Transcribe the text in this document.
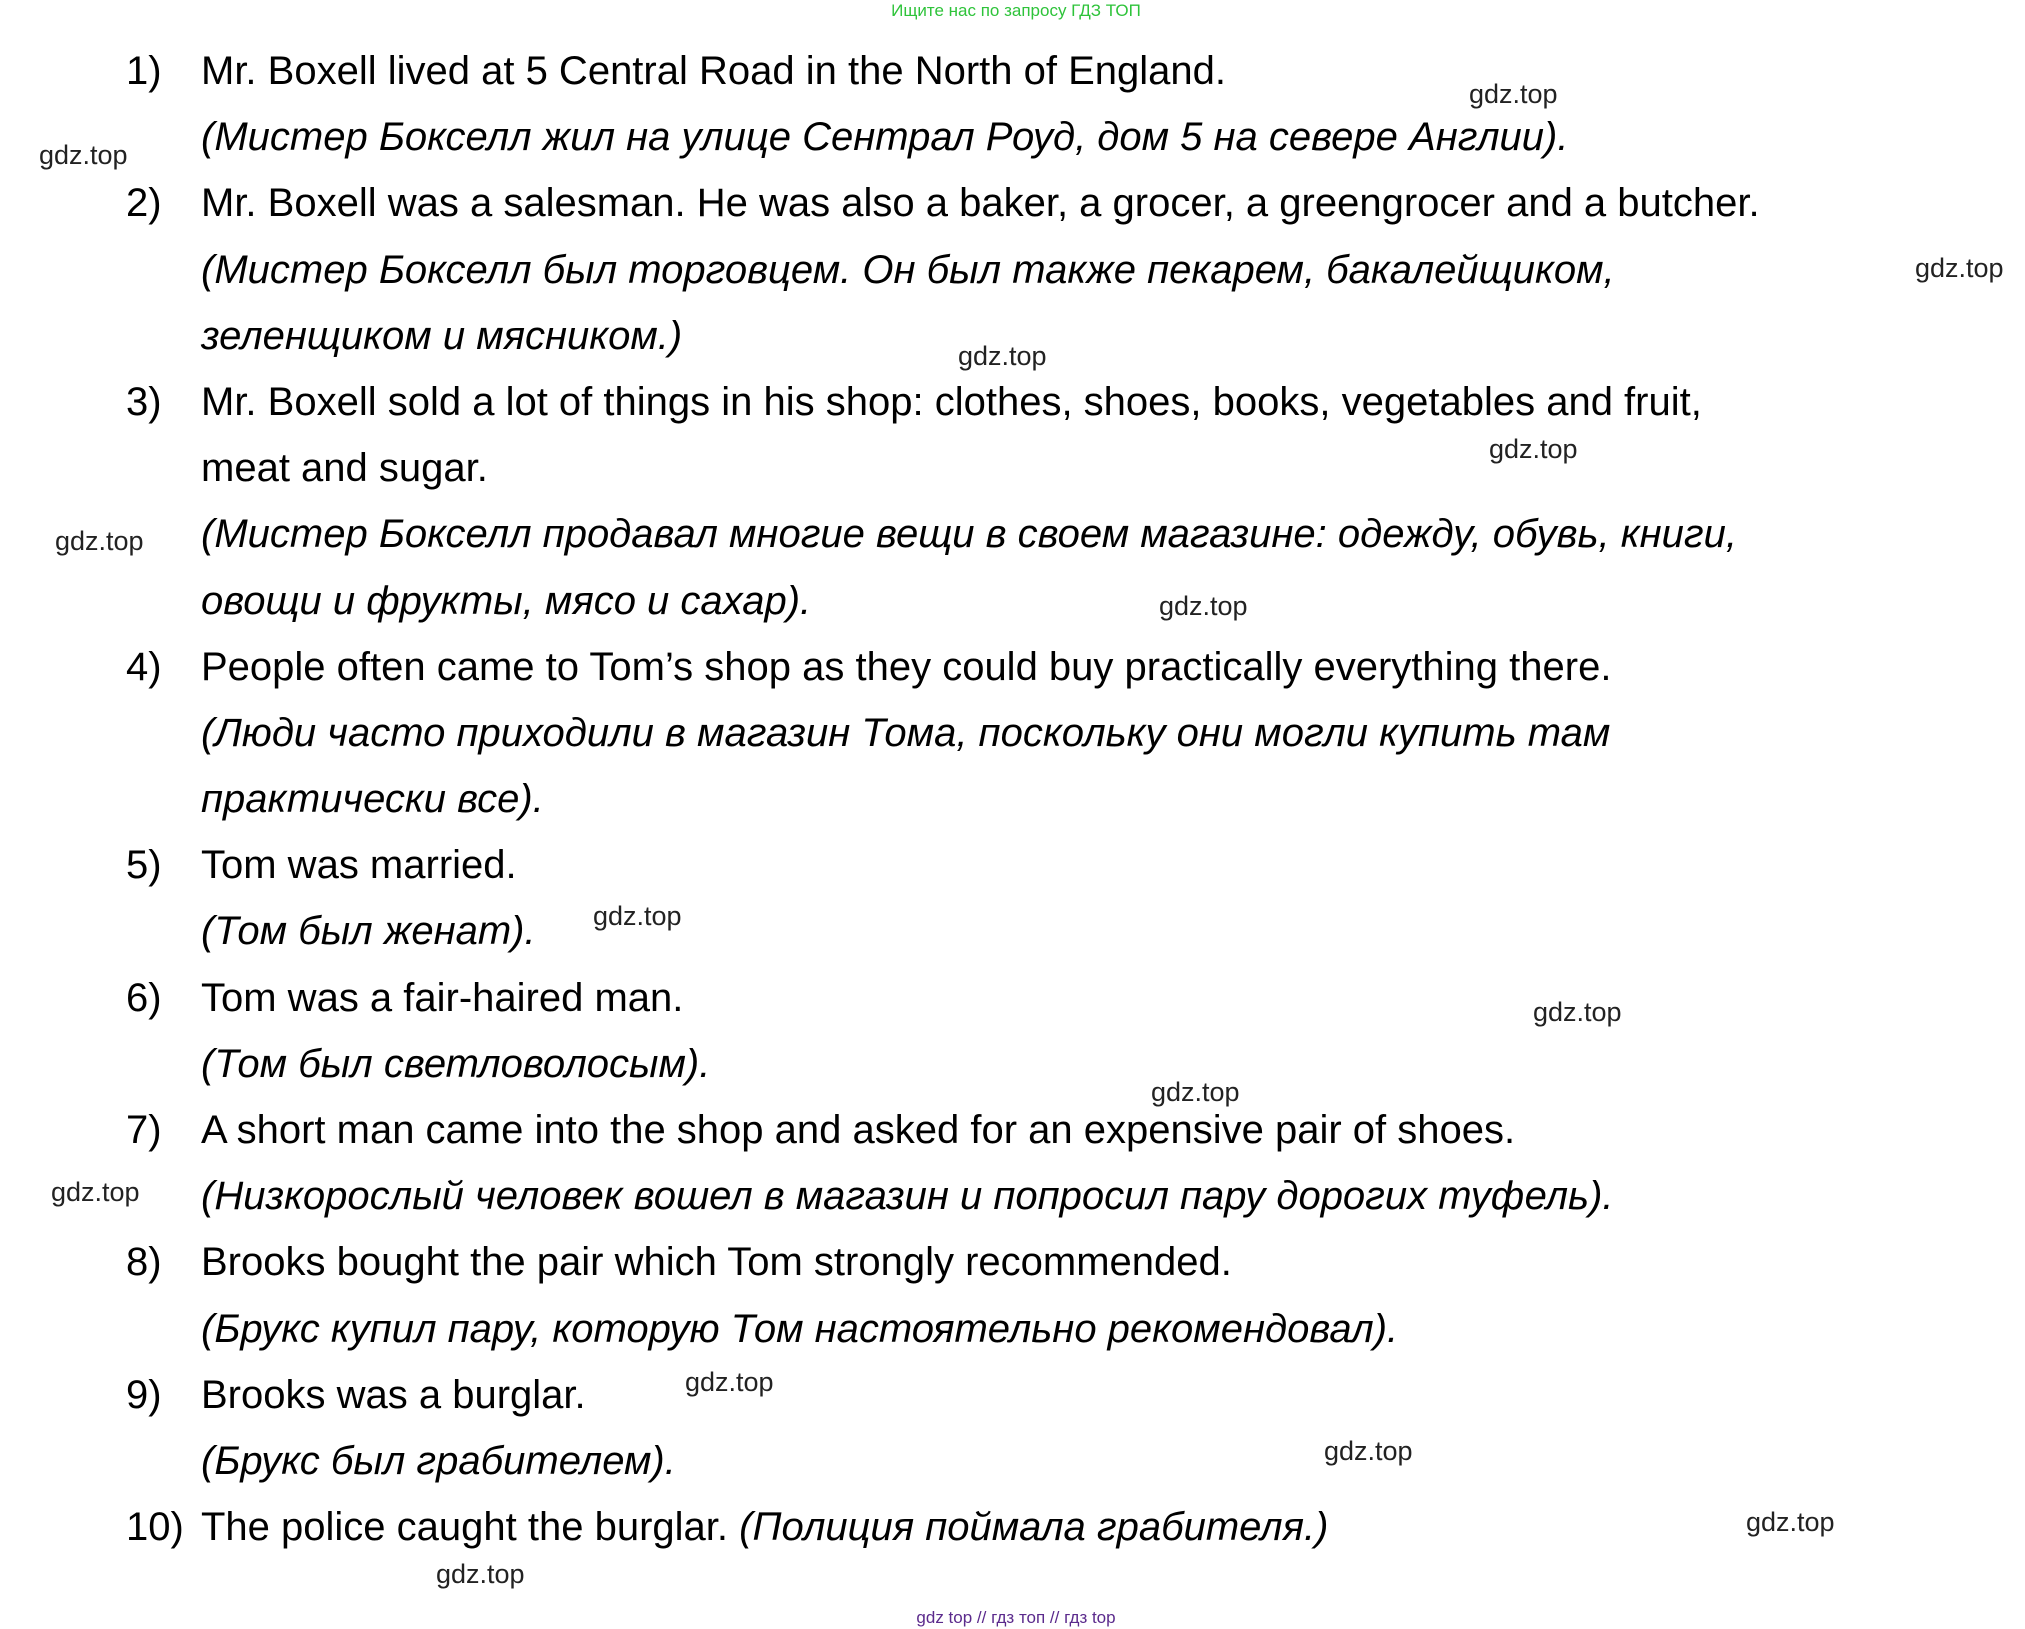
Ищите нас по запросу ГДЗ ТОП
1) Mr. Boxell lived at 5 Central Road in the North of England.
(Мистер Бокселл жил на улице Сентрал Роуд, дом 5 на севере Англии).
2) Mr. Boxell was a salesman. He was also a baker, a grocer, a greengrocer and a butcher.
(Мистер Бокселл был торговцем. Он был также пекарем, бакалейщиком,
зеленщиком и мясником.)
3) Mr. Boxell sold a lot of things in his shop: clothes, shoes, books, vegetables and fruit,
meat and sugar.
(Мистер Бокселл продавал многие вещи в своем магазине: одежду, обувь, книги,
овощи и фрукты, мясо и сахар).
4) People often came to Tom’s shop as they could buy practically everything there.
(Люди часто приходили в магазин Тома, поскольку они могли купить там
практически все).
5) Tom was married.
(Том был женат).
6) Tom was a fair-haired man.
(Том был светловолосым).
7) A short man came into the shop and asked for an expensive pair of shoes.
(Низкорослый человек вошел в магазин и попросил пару дорогих туфель).
8) Brooks bought the pair which Tom strongly recommended.
(Брукс купил пару, которую Том настоятельно рекомендовал).
9) Brooks was a burglar.
(Брукс был грабителем).
10) The police caught the burglar. (Полиция поймала грабителя.)
gdz.top
gdz.top
gdz.top
gdz.top
gdz.top
gdz.top
gdz.top
gdz.top
gdz.top
gdz.top
gdz.top
gdz.top
gdz.top
gdz.top
gdz.top
gdz top // гдз топ // гдз top
